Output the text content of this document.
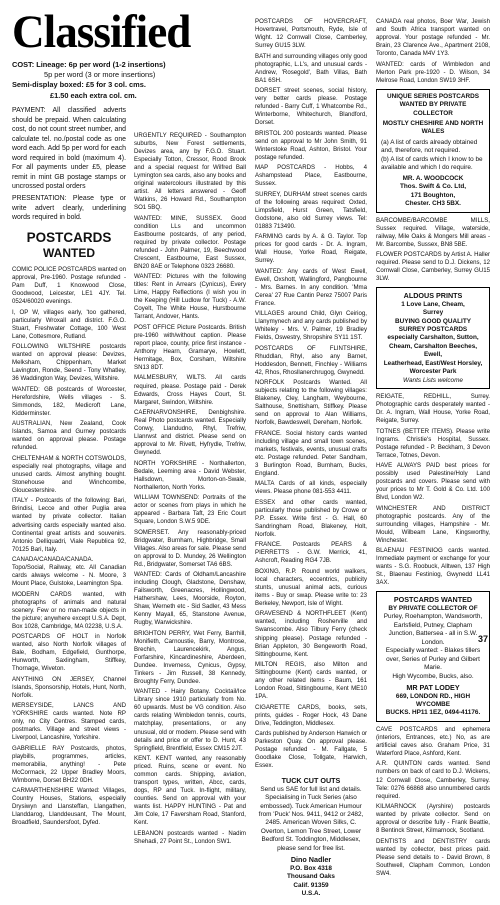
Classified

COST: Lineage: 6p per word (1-2 insertions)
5p per word (3 or more insertions)
Semi-display boxed: £5 for 3 col. cms.
£1.50 each extra col. cm.

PAYMENT: All classified adverts should be prepaid. When calculating cost, do not count street number, and calculate tel. no./postal code as one word each. Add 5p per word for each word required in bold (maximum 4). For all payments under £5, please remit in mint GB postage stamps or uncrossed postal orders

PRESENTATION: Please type or write advert clearly, underlining words required in bold.

POSTCARDS
WANTED

COMIC POLICE POSTCARDS wanted on approval, Pre-1960. Postage refunded - Pam Duff, 1 Knoxwood Close, Goodwood, Leicester, LE1 4JY. Tel. 0524/60020 evenings.

I, OP W, villages early, 'too gathered, particularly Wroxall and district. F.G.O. Stuart, Freshwater Cottage, 100 West Lane, Cottesmore, Rutland.

FOLLOWING WILTSHIRE postcards wanted on approval please: Devizes, Melksham, Chippenham, Market Lavington, Ronde, Seend - Tony Whatley, 36 Waddington Way, Devizes, Wiltshire.

WANTED: GB postcards of Worcester, Herefordshire, Wells villages - S. Simmonds, 182, Medicroft Lane, Kidderminster.

AUSTRALIAN, New Zealand, Cook Islands, Samoa and Gurney postcards wanted on approval please. Postage refunded.

CHELTENHAM & NORTH COTSWOLDS, especially real photographs, village and unused cards. Almost anything bought. Stonehouse and Winchcombe, Gloucestershire.

ITALY - Postcards of the following: Bari, Brindisi, Lecce and other Puglia area wanted by private collector. Italian advertising cards especially wanted also. Continental great artists and souvenirs. Antonio Delliquadri, Viale Republica 92, 70125 Bari, Italy.

CANADA/CANADA/CANADA. Topo/Social, Railway, etc. All Canadian cards always welcome - N. Moore, 3 Mount Place, Gulstoke, Leamington Spa.

MODERN CARDS wanted, with photographs of animals and natural scenery. Few or no man-made objects in the picture; anywhere except U.S.A. Dept, Box 1028, Cambridge, MA 02238, U.S.A.

POSTCARDS OF HOLT in Norfolk wanted, also North Norfolk villages of Bale, Bodham, Edgefield, Gunthorpe, Hunworth, Saxlingham, Stiffkey, Thornage, Wiveton.

ANYTHING ON JERSEY, Channel Islands, Sponsorship, Hotels, Hunt, North, Norfolk.

MERSEYSIDE, LANCS AND YORKSHIRE cards wanted. Note RP only, no City Centres. Stamped cards, postmarks. Village and street views - Liverpool, Lancashire, Yorkshire.

GABRIELLE RAY Postcards, photos, playbills, programmes, articles, memorabilia, anything! - Pete McCormack, 22 Upper Bradley Moors, Wimborne, Dorset BH22 0DH.

CARMARTHENSHIRE Wanted: Villages, Country Houses, Stations, especially Drysiwyn and Llansteffan, Llangathen, Llanddarog, Llanddeusant, The Mount, Broadfield, Saundersfoot, Dyfed.

URGENTLY REQUIRED - Southampton suburbs, New Forest settlements, Devizes area, any by F.G.O. Stuart. Especially Totton, Cressor, Rood Brook and a special request for Wilfred Ball Lymington sea cards, also any books and original watercolours illustrated by this artist. All letters answered - Geoff Watkins, 26 Howard Rd., Southampton SO1 5BQ.

WANTED: MINE, SUSSEX. Good condition LLs and uncommon Eastbourne postcards, of any period, required by private collector. Postage refunded - John Palmer, 19, Beechwood Crescent, Eastbourne, East Sussex, BN20 8AE or Telephone 0323 26680.

WANTED: Pictures with the following titles: Rent in Arrears (Cynicus), Every Lime, Happy Reflections (I wish you in the Keeping (Hill Ludlow for Tuck) - A.W. Coyelt, The White House, Hurstbourne Tarrant, Andover, Hants.

POST OFFICE Picture Postcards. British pre-1960 with/without caption. Please report place, county, price first instance - Anthony Hearn, Gramarye, Howlett, Hermitage, Box, Corsham, Wiltshire SN13 8DT.

MALMESBURY, WILTS. All cards required, please. Postage paid - Derek Edwards, Cross Hayes Court, St. Margaret, Swindon, Wiltshire.

CAERNARVONSHIRE, Denbighshire. Real Photo postcards wanted. Especially Conwy, Llandudno, Rhyl, Trefriw, Llanrwst and district. Please send on approval to Mr. Rivett, Hyfrydle, Trefriw, Gwynedd.

NORTH YORKSHIRE - Northallerton, Bedale, Leeming area - David Webster, Hallsdown, Morton-on-Swale, Northallerton, North Yorks.

WILLIAM TOWNSEND: Portraits of the actor or scenes from plays in which he appeared - Barbara Taft, 23 Eric Court Square, London S.W.5 9DE.

SOMERSET. Any reasonably-priced Bridgwater, Burnham, Highbridge, Small Villages. Also areas for sale. Please send on approval to D. Mundey, 26 Wellington Rd., Bridgwater, Somerset TA6 6BS.

WANTED: Cards of Oldham/Lancashire including Clough, Gladstone, Denshaw, Failsworth, Greenacres, Hollingwood, Hathershaw, Lees, Moorside, Royton, Shaw, Werneth etc - Sid Sadler, 43 Mess Kenny Mayall, 65, Stanstone Avenue, Rugby, Warwickshire.

BRIGHTON PERRY, Wet Ferry, Barrhill, Monifieth, Carnoustie, Barry, Montrose, Brechin, Laurencekirk, Angus, Forfarshire, Kincardineshire, Aberdeen, Dundee. Inverness, Cynicus, Gypsy, Tinkers - Jim Russell, 38 Kennedy, Broughty Ferry, Dundee.

WANTED - Hairy Botany. Cocktail/Ice Library since 1910 particularly from No. 60 upwards. Must be VG condition. Also cards relating Wimbledon tennis, courts, matchplay, presentations, or any unusual, old or modern. Please send with details and price or offer to D. Hunt, 43 Springfield, Brentfield, Essex CM15 2JT.

KENT. KENT wanted, any reasonably priced. Ruins, scene or event. No common cards. Shipping, aviation, transport types, written, Abcc, cards, dogs, RP and Tuck. In-flight, military, counties. Send on approval with your wants list. HAPPY HUNTING - Pat and Jim Cole, 17 Faversham Road, Stanford, Kent.

LEBANON postcards wanted - Nadim Shehadi, 27 Point St., London SW1.

POSTCARDS OF HOVERCRAFT, Hovertravel, Portsmouth, Ryde, Isle of Wight. 12 Cornwall Close, Camberley, Surrey GU15 3LW.

BATH and surrounding villages only good photographic, L.L's, and unusual cards - Andrew, 'Rosegold', Bath Villas, Bath BA1 6SH.

DORSET street scenes, social history, very better cards please. Postage refunded - Barry Cuff, 1 Whatcombe Rd., Winterborne, Whitechurch, Blandford, Dorset.

BRISTOL 200 postcards wanted. Please send on approval to Mr John Smith, 91 Winterstoke Road, Ashton, Bristol. Your postage refunded.

MAP POSTCARDS - Hobbs, 4 Ashampstead Place, Eastbourne, Sussex.

SURREY, DURHAM street scenes cards of the following areas required: Oxted, Limpsfield, Hurst Green, Tatsfield, Godstone, also old Surrey views. Tel: 01883 713490.

FARMING cards by A. & G. Taylor. Top prices for good cards - Dr. A. Ingram, Wall House, Yorke Road, Reigate, Surrey.

WANTED: Any cards of West Ewell, Ewell, Oxshott, Wallingford, Pangbourne - Mrs. Barnes. In any condition. 'Mma Cerea' 27 Rue Cantin Perez 75007 Paris France.

VILLAGES around Child, Glyn Ceiriog, Llanymynech and any cards published by Whiteley - Mrs. V. Palmer, 19 Bradley Fields, Oswestry, Shropshire SY11 1ST.

POSTCARDS OF FLINTSHIRE, Rhuddlan, Rhyl, also any Barnet, Hoddesdon, Bennett, Finchley - Williams 42, Rhos, Rhosllanerchrugog, Gwynedd.

NORFOLK Postcards Wanted. All subjects relating to the following villages: Blakeney, Cley, Langham, Weybourne, Salthouse, Snettisham, Stiffkey. Please send on approval to Alan Williams, Norfolk, Bawdeswell, Dereham, Norfolk.

FRANCE. Social history cards wanted including village and small town scenes, markets, festivals, events, unusual crafts etc. Postage refunded. Peter Sandham, 3 Burlington Road, Burnham, Bucks, England.

MALTA Cards of all kinds, especially views. Please phone 081-553 4411.

ESSEX and other cards wanted, particularly those published by Crowe or P.P. Essex. Write first - G. Hall, 60 Sandringham Road, Blakeney, Holt, Norfolk.

FRANCE. Postcards PEARS & PIERRETTS - G.W. Merrick, 41, Ashcroft, Reading RG4 7JB.

BOXING, R.P. Round world walkers, local characters, eccentrics, publicity stunts, unusual animal acts, curious items - Buy or swap. Please write to: 23 Berkeley, Newport, Isle of Wight.

GRAVESEND & NORTHFLEET (Kent) wanted, including Rosherville and Swanscombe. Also Tilbury Ferry (check shipping please). Postage refunded - Brian Appleton, 30 Bengeworth Road, Sittingbourne, Kent.

MILTON REGIS, also Milton and Sittingbourne (Kent) cards wanted, or any other related items - Baum, 161 London Road, Sittingbourne, Kent ME10 1PA.

CIGARETTE CARDS, books, sets, prints, guides - Roger Hock, 43 Dane Drive, Teddington, Middlesex.

Cards published by Anderson Hanwich or Parkeston Quay. On approval please. Postage refunded - M. Fallgate, 5 Goodlake Close, Tollgate, Harwich, Essex.

TUCK CUT OUTS
Send us SAE for full list and details. Specialising in Tuck Series (also embossed). Tuck American Humour from 'Puck' Nos. 9411, 9412 or 2482, 2485. American Woven Silks, C. Overton, Lemon Tree Street, Lower Bedford St. Toddington, Middlesex, please send for free list.
Dino Nadler
P.O. Box 4318
Thousand Oaks
Calif. 91359
U.S.A.

CANADA real photos, Boer War, Jewish and South Africa transport wanted on approval. Your postage refunded - Mr. Brain, 23 Clarence Ave., Apartment 2108, Toronto, Canada M4V 1Y3.

WANTED: cards of Wimbledon and Merton Park pre-1920 - D. Wilson, 34 Melrose Road, London SW19 3HF.

UNIQUE SERIES POSTCARDS WANTED BY PRIVATE COLLECTOR
MOSTLY CHESHIRE AND NORTH WALES
(a) A list of cards already obtained and, therefore, not required.
(b) A list of cards which I know to be available and which I do require.
MR. A. WOODCOCK
Thos. Swift & Co. Ltd,
171 Boughton,
Chester. CH3 5BX.

BARCOMBE/BARCOMBE MILLS, Sussex required. Village, waterside, railway, Mile Oaks & Mongers Mill areas - Mr. Barcombe, Sussex, BN8 5BE.

FLOWER POSTCARDS by Artist A. Haller required. Please send to D.J. Dickens, 12 Cornwall Close, Camberley, Surrey GU15 3LW.

ALDOUS PRINTS
1 Love Lane, Cheam,
Surrey
BUYING GOOD QUALITY
SURREY POSTCARDS
especially Carshalton, Sutton,
Cheam, Carshalton Beeches, Ewell,
Leatherhead, East/West Horsley,
Worcester Park
Wants Lists welcome

REIGATE, REDHILL, Surrey. Photographic cards desperately wanted - Dr. A. Ingram, Wall House, Yorke Road, Reigate, Surrey.

TOTNES (BETTER ITEMS). Please write Ingrams. Christie's Hospital, Sussex. Postage refunded - P. Beckham, 3 Devon Terrace, Totnes, Devon.

HAVE ALWAYS PAID best prices for possibly used Palestine/Holy Land postcards and covers. Please send with your prices to Mr T. Gold & Co. Ltd. 100 Blvd, London W2.

WINCHESTER AND DISTRICT photographic postcards. Any of the surrounding villages, Hampshire - Mr. Mould, Wilbeam Lane, Kingsworthy, Winchester.

BLAENAU FESTINIOG cards wanted. Immediate payment or exchange for your wants - S.G. Roobuck, Alltwen, 137 High St., Blaenau Festiniog, Gwynedd LL41 3AX.

POSTCARDS WANTED
BY PRIVATE COLLECTOR OF
Purley, Roehampton, Wandsworth, Earlsfield, Putney, Clapham Junction, Battersea - all in S.W. London.
Especially wanted: - Blakes tillers over, Series of Purley and Gilbert Marie.
High Wycombe, Bucks, also.
MR PAT LODEY
669, LONDON RD., HIGH WYCOMBE
BUCKS. HP11 1EZ, 0494-41176.

CAVE POSTCARDS and ephemera (interiors, Entrances, etc.) No, as are artificial caves also. Graham Price, 31 Waterford Place, Ashford, Kent.

A.R. QUINTON cards wanted. Send numbers on back of card to D.J. Wickens, 12 Cornwall Close, Camberley, Surrey. Tele: 0276 66868 also unnumbered cards required.

KILMARNOCK (Ayrshire) postcards wanted by private collector. Send on approval or describe fully - Frank Beattie, 8 Bentinck Street, Kilmarnock, Scotland.

DENTISTS and DENTISTRY cards wanted by collector, best prices paid. Please send details to - David Brown, 8 Southwell, Clapham Common, London SW4.

37
